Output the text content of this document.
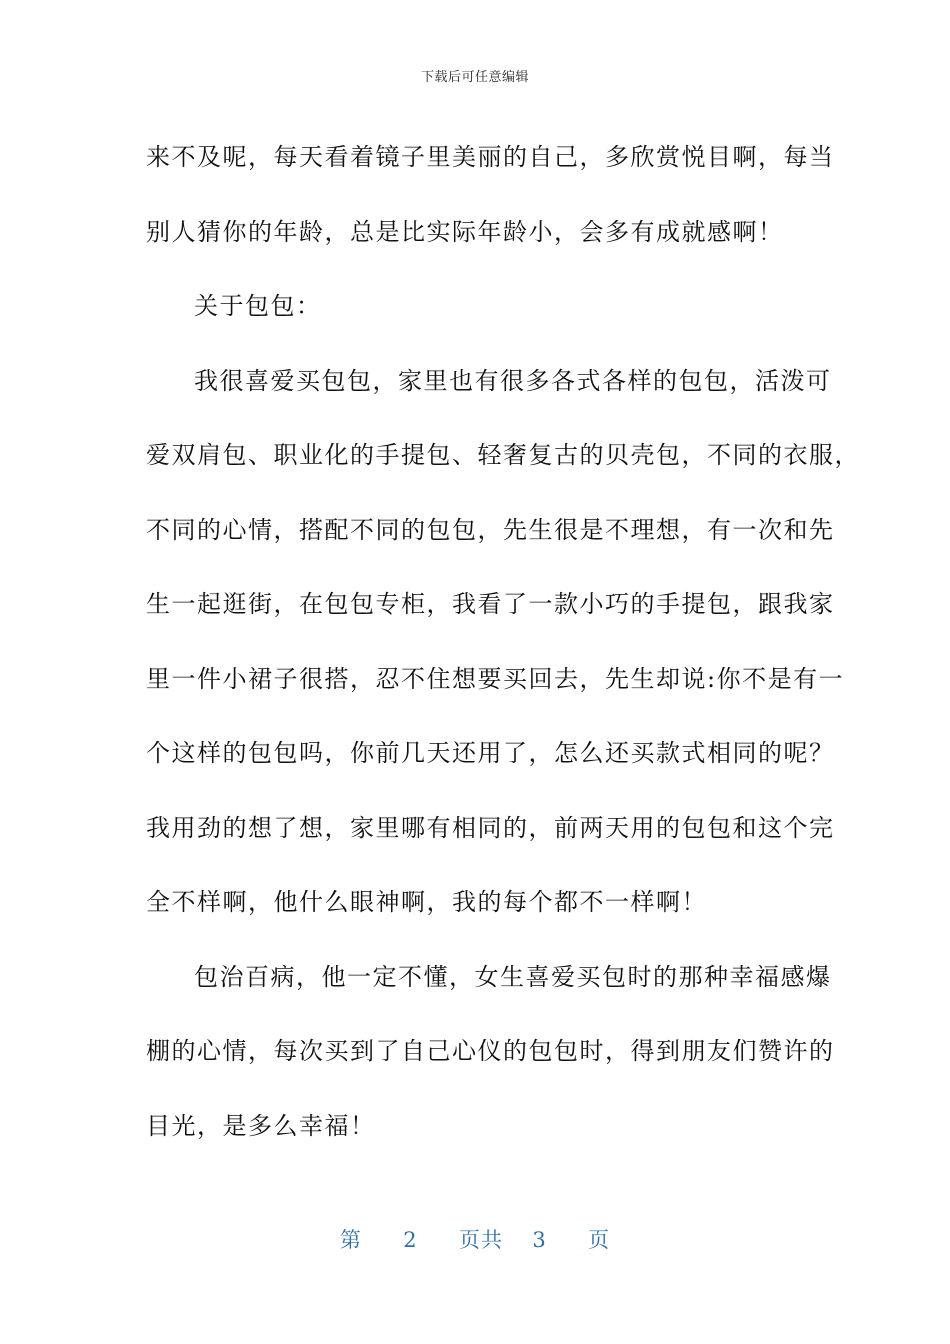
下载后可任意编辑
来不及呢，每天看着镜子里美丽的自己，多欣赏悦目啊，每当
别人猜你的年龄，总是比实际年龄小，会多有成就感啊！
关于包包：
我很喜爱买包包，家里也有很多各式各样的包包，活泼可
爱双肩包、职业化的手提包、轻奢复古的贝壳包，不同的衣服，
不同的心情，搭配不同的包包，先生很是不理想，有一次和先
生一起逛街，在包包专柜，我看了一款小巧的手提包，跟我家
里一件小裙子很搭，忍不住想要买回去，先生却说:你不是有一
个这样的包包吗，你前几天还用了，怎么还买款式相同的呢？
我用劲的想了想，家里哪有相同的，前两天用的包包和这个完
全不样啊，他什么眼神啊，我的每个都不一样啊！
包治百病，他一定不懂，女生喜爱买包时的那种幸福感爆
棚的心情，每次买到了自己心仪的包包时，得到朋友们赞许的
目光，是多么幸福！
第 2 页共 3 页
